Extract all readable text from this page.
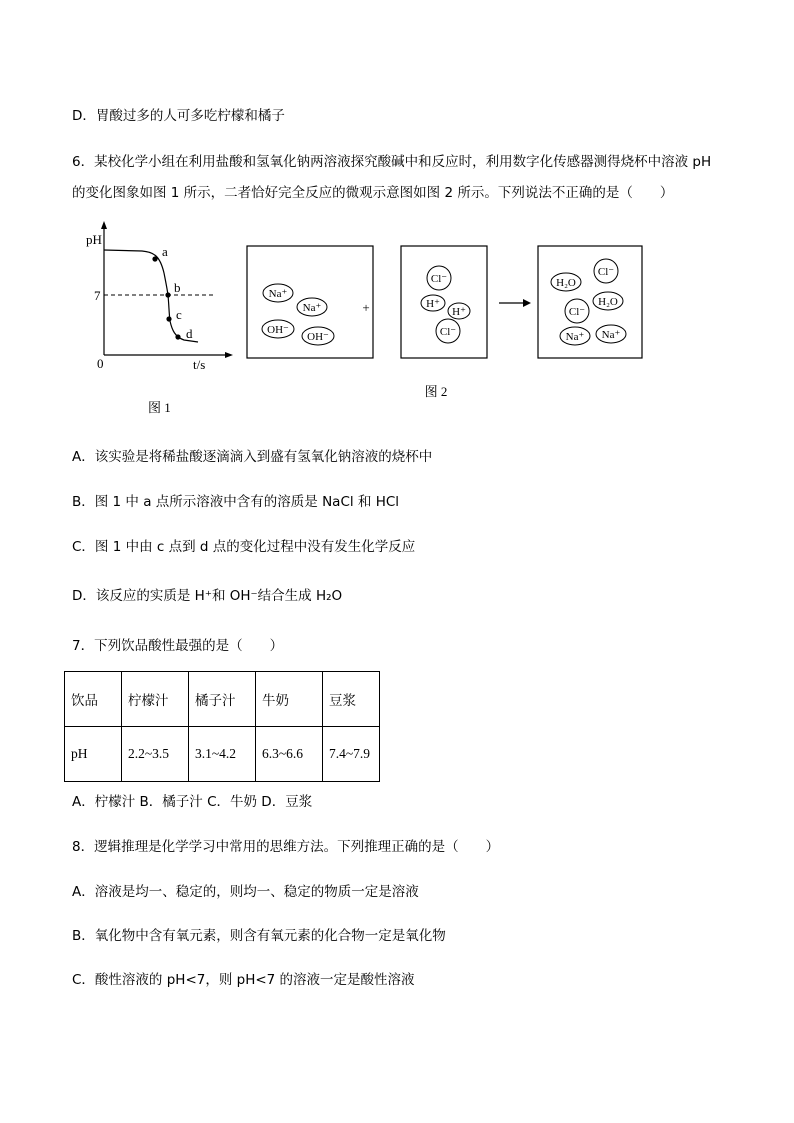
D．胃酸过多的人可多吃柠檬和橘子
6．某校化学小组在利用盐酸和氢氧化钠两溶液探究酸碱中和反应时，利用数字化传感器测得烧杯中溶液 pH
的变化图象如图 1 所示，二者恰好完全反应的微观示意图如图 2 所示。下列说法不正确的是（　　）
pH
7
0	t/s
a
b
c
d
图 1
Na⁺
Na⁺
OH⁻
OH⁻
+
Cl⁻
H⁺
H⁺
Cl⁻
H₂O
Cl⁻
H₂O
Cl⁻
Na⁺ Na⁺
图 2
A．该实验是将稀盐酸逐滴滴入到盛有氢氧化钠溶液的烧杯中
B．图 1 中 a 点所示溶液中含有的溶质是 NaCl 和 HCl
C．图 1 中由 c 点到 d 点的变化过程中没有发生化学反应
D．该反应的实质是 H⁺和 OH⁻结合生成 H₂O
7．下列饮品酸性最强的是（　　）
饮品	柠檬汁	橘子汁	牛奶	豆浆
pH	2.2~3.5	3.1~4.2	6.3~6.6	7.4~7.9
A．柠檬汁 B．橘子汁 C．牛奶 D．豆浆
8．逻辑推理是化学学习中常用的思维方法。下列推理正确的是（　　）
A．溶液是均一、稳定的，则均一、稳定的物质一定是溶液
B．氧化物中含有氧元素，则含有氧元素的化合物一定是氧化物
C．酸性溶液的 pH<7，则 pH<7 的溶液一定是酸性溶液
